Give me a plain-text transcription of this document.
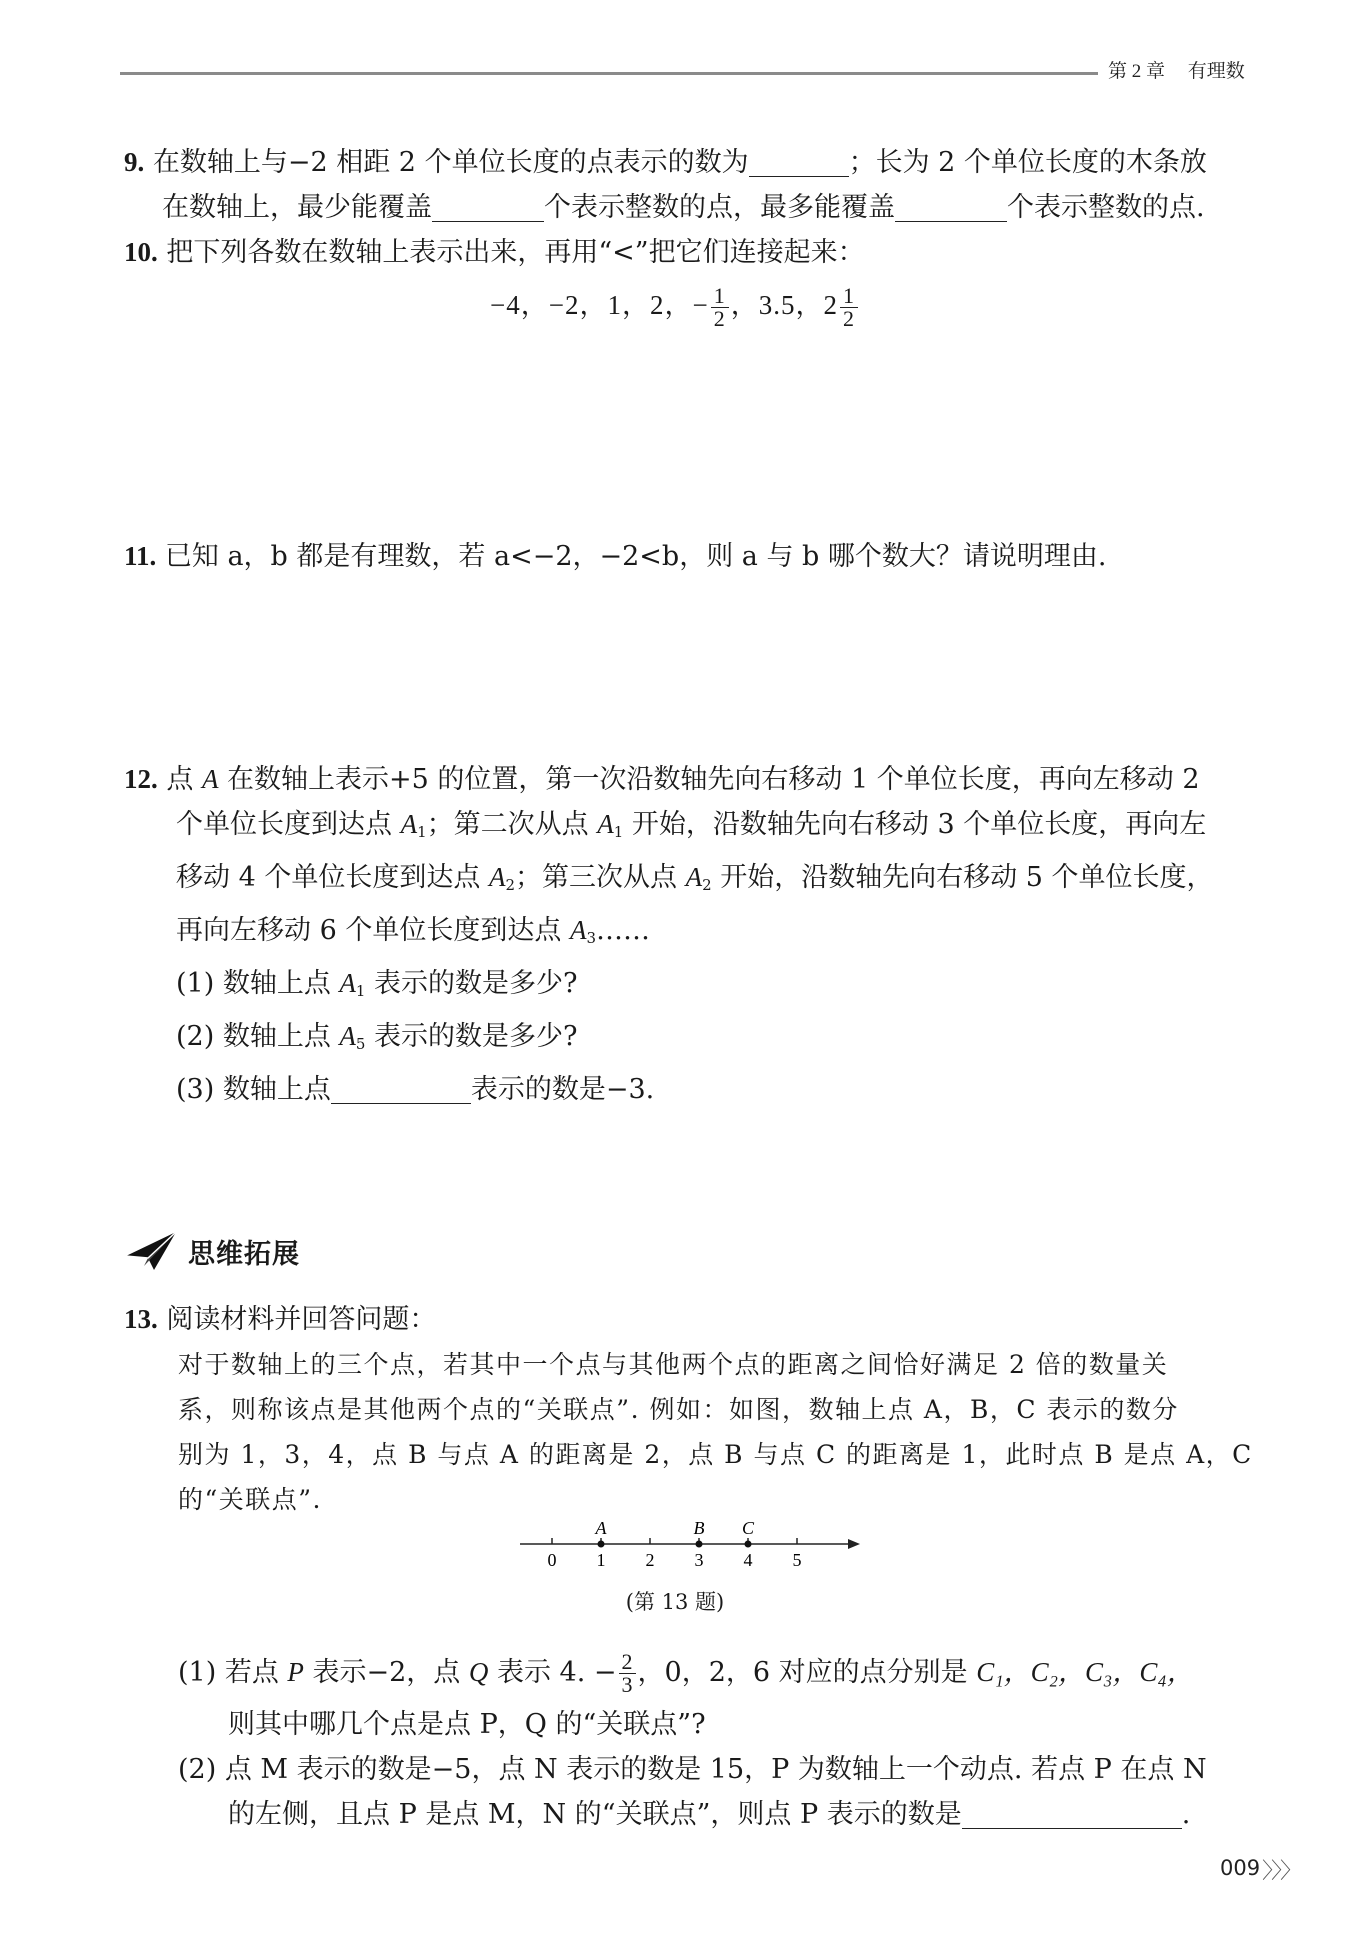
第 2 章 有理数
9. 在数轴上与−2 相距 2 个单位长度的点表示的数为	；长为 2 个单位长度的木条放
在数轴上，最少能覆盖	个表示整数的点，最多能覆盖	个表示整数的点.
10. 把下列各数在数轴上表示出来，再用“<”把它们连接起来：
−4，−2，1，2，− $\frac{1}{2}$ ，3.5，$2 \frac{1}{2}$
11. 已知 a，b 都是有理数，若 a<−2，−2<b，则 a 与 b 哪个数大？请说明理由.
12. 点 A 在数轴上表示+5 的位置，第一次沿数轴先向右移动 1 个单位长度，再向左移动 2
个单位长度到达点 $A_1$；第二次从点 $A_1$ 开始，沿数轴先向右移动 3 个单位长度，再向左
移动 4 个单位长度到达点 $A_2$；第三次从点 $A_2$ 开始，沿数轴先向右移动 5 个单位长度，
再向左移动 6 个单位长度到达点 $A_3\dots\dots$
(1) 数轴上点 $A_1$ 表示的数是多少?
(2) 数轴上点 $A_5$ 表示的数是多少?
(3) 数轴上点	表示的数是−3.
思维拓展
13. 阅读材料并回答问题：
对于数轴上的三个点，若其中一个点与其他两个点的距离之间恰好满足 2 倍的数量关
系，则称该点是其他两个点的“关联点”. 例如：如图，数轴上点 A，B，C 表示的数分
别为 1，3，4，点 B 与点 A 的距离是 2，点 B 与点 C 的距离是 1，此时点 B 是点 A，C
的“关联点”.
0 1 2 3 4 5
A	B C
(第 13 题)
(1) 若点 P 表示−2，点 Q 表示 4. − $\frac{2}{3}$ ，0，2，6 对应的点分别是 C₁，C₂，C₃，C₄，
则其中哪几个点是点 P，Q 的“关联点”?
(2) 点 M 表示的数是−5，点 N 表示的数是 15，P 为数轴上一个动点. 若点 P 在点 N
的左侧，且点 P 是点 M，N 的“关联点”，则点 P 表示的数是	.
009 〉〉〉
